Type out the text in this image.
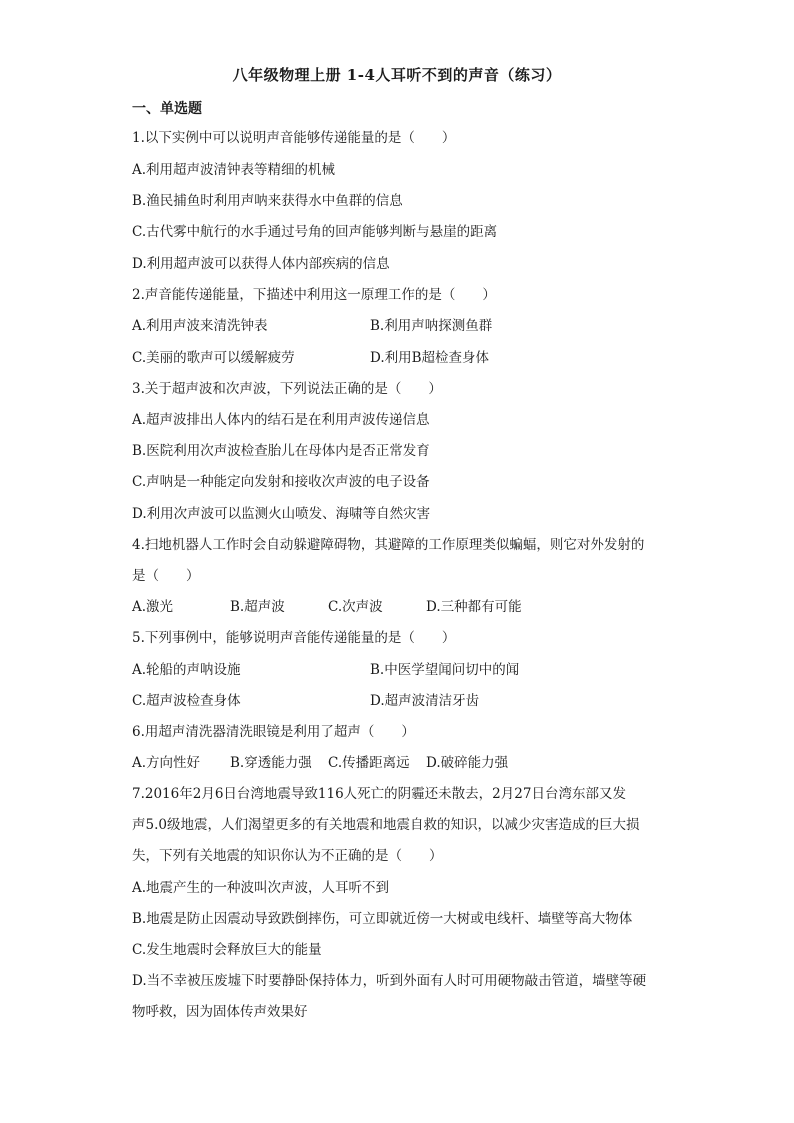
八年级物理上册 1-4人耳听不到的声音（练习）
一、单选题
1.以下实例中可以说明声音能够传递能量的是（　　）
A.利用超声波清钟表等精细的机械
B.渔民捕鱼时利用声呐来获得水中鱼群的信息
C.古代雾中航行的水手通过号角的回声能够判断与悬崖的距离
D.利用超声波可以获得人体内部疾病的信息
2.声音能传递能量，下描述中利用这一原理工作的是（　　）
A.利用声波来清洗钟表	B.利用声呐探测鱼群
C.美丽的歌声可以缓解疲劳	D.利用B超检查身体
3.关于超声波和次声波，下列说法正确的是（　　）
A.超声波排出人体内的结石是在利用声波传递信息
B.医院利用次声波检查胎儿在母体内是否正常发育
C.声呐是一种能定向发射和接收次声波的电子设备
D.利用次声波可以监测火山喷发、海啸等自然灾害
4.扫地机器人工作时会自动躲避障碍物，其避障的工作原理类似蝙蝠，则它对外发射的
是（　　）
A.激光	B.超声波	C.次声波	D.三种都有可能
5.下列事例中，能够说明声音能传递能量的是（　　）
A.轮船的声呐设施	B.中医学望闻问切中的闻
C.超声波检查身体	D.超声波清洁牙齿
6.用超声清洗器清洗眼镜是利用了超声（　　）
A.方向性好 B.穿透能力强 C.传播距离远 D.破碎能力强
7.2016年2月6日台湾地震导致116人死亡的阴霾还未散去，2月27日台湾东部又发
声5.0级地震，人们渴望更多的有关地震和地震自救的知识，以减少灾害造成的巨大损
失，下列有关地震的知识你认为不正确的是（　　）
A.地震产生的一种波叫次声波，人耳听不到
B.地震是防止因震动导致跌倒摔伤，可立即就近傍一大树或电线杆、墙壁等高大物体
C.发生地震时会释放巨大的能量
D.当不幸被压废墟下时要静卧保持体力，听到外面有人时可用硬物敲击管道，墙壁等硬
物呼救，因为固体传声效果好
